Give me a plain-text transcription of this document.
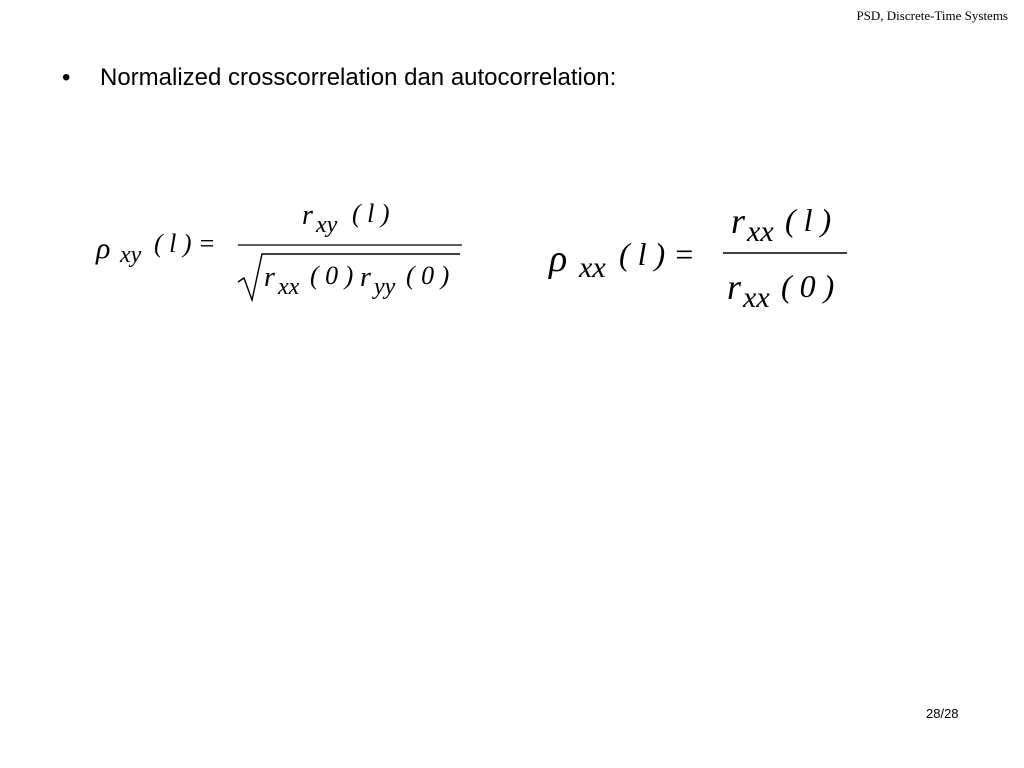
PSD, Discrete-Time Systems
• Normalized crosscorrelation dan autocorrelation:
ρ xy ( l ) =
r xy ( l )
r xx ( 0 ) r yy ( 0 )	ρ xx ( l ) =
r xx ( l )
r xx ( 0 )
28/28
